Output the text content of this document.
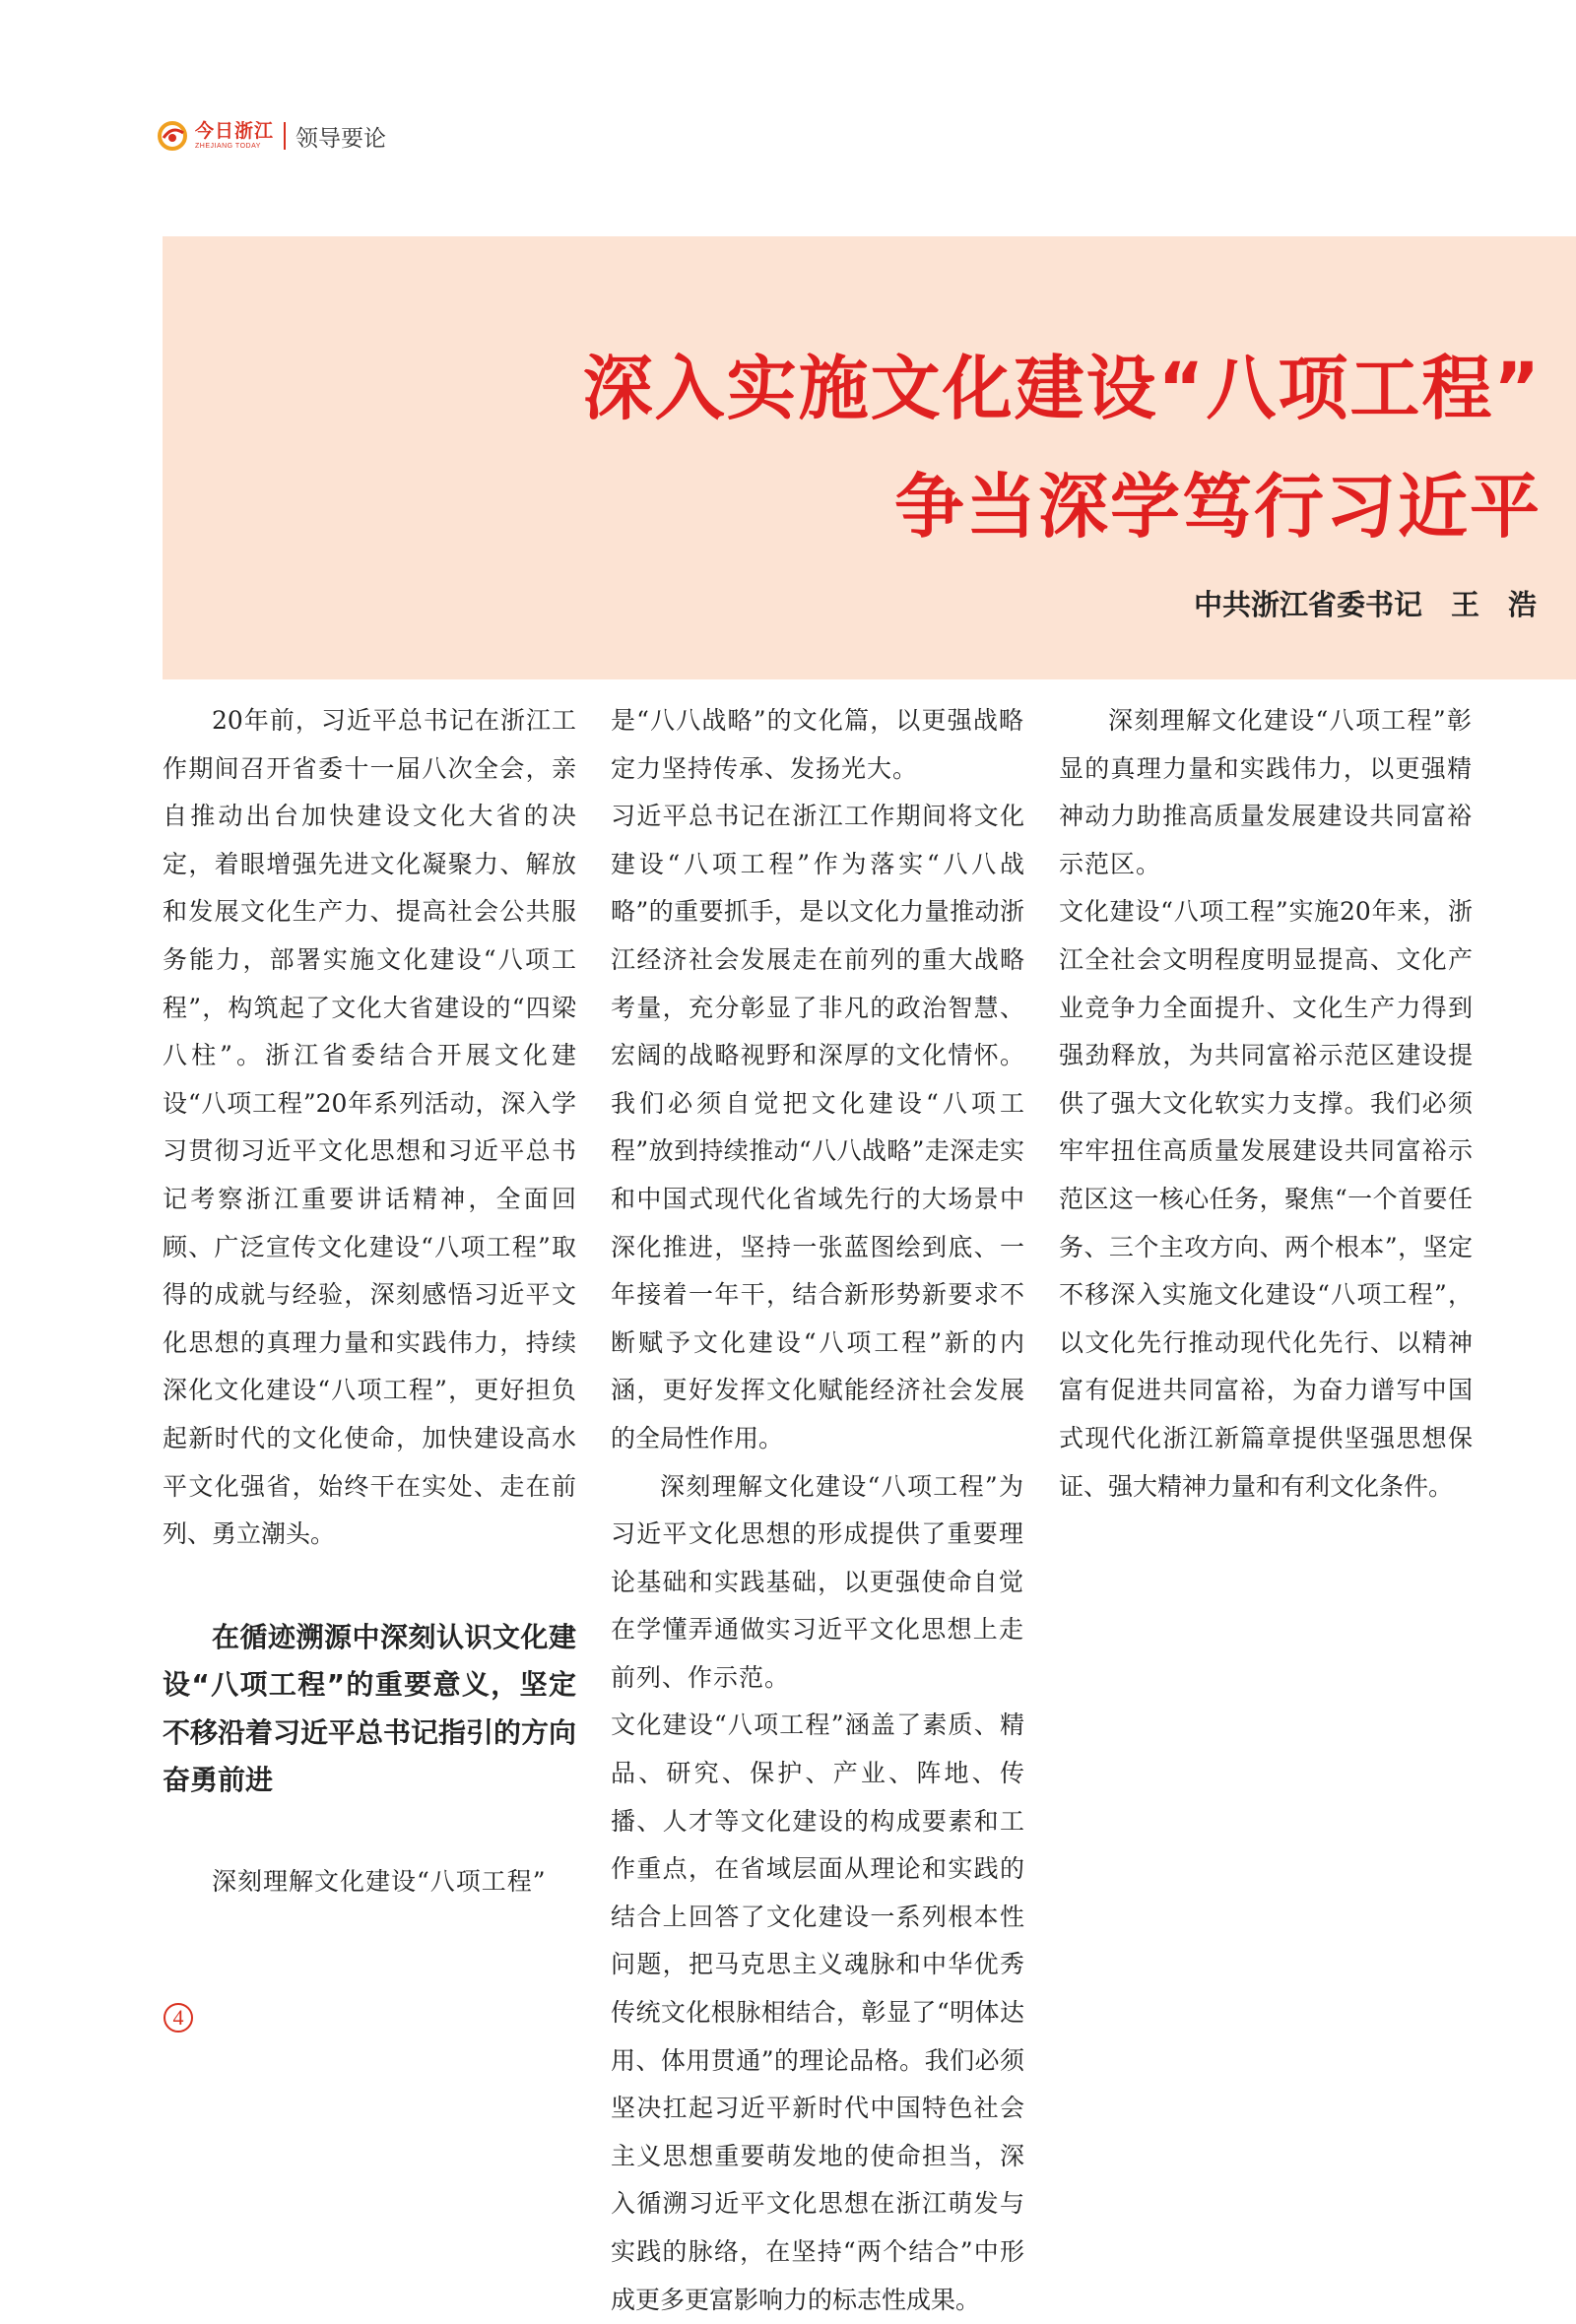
今日浙江
ZHEJIANG TODAY	领导要论
深入实施文化建设“八项工程”
争当深学笃行习近平
中共浙江省委书记　王　浩

20年前，习近平总书记在浙江工作期间召开省委十一届八次全会，亲自推动出台加快建设文化大省的决定，着眼增强先进文化凝聚力、解放和发展文化生产力、提高社会公共服务能力，部署实施文化建设“八项工程”，构筑起了文化大省建设的“四梁八柱”。浙江省委结合开展文化建设“八项工程”20年系列活动，深入学习贯彻习近平文化思想和习近平总书记考察浙江重要讲话精神，全面回顾、广泛宣传文化建设“八项工程”取得的成就与经验，深刻感悟习近平文化思想的真理力量和实践伟力，持续深化文化建设“八项工程”，更好担负起新时代的文化使命，加快建设高水平文化强省，始终干在实处、走在前列、勇立潮头。

在循迹溯源中深刻认识文化建设“八项工程”的重要意义，坚定不移沿着习近平总书记指引的方向奋勇前进

深刻理解文化建设“八项工程”

是“八八战略”的文化篇，以更强战略定力坚持传承、发扬光大。

习近平总书记在浙江工作期间将文化建设“八项工程”作为落实“八八战略”的重要抓手，是以文化力量推动浙江经济社会发展走在前列的重大战略考量，充分彰显了非凡的政治智慧、宏阔的战略视野和深厚的文化情怀。我们必须自觉把文化建设“八项工程”放到持续推动“八八战略”走深走实和中国式现代化省域先行的大场景中深化推进，坚持一张蓝图绘到底、一年接着一年干，结合新形势新要求不断赋予文化建设“八项工程”新的内涵，更好发挥文化赋能经济社会发展的全局性作用。

深刻理解文化建设“八项工程”为习近平文化思想的形成提供了重要理论基础和实践基础，以更强使命自觉在学懂弄通做实习近平文化思想上走前列、作示范。

文化建设“八项工程”涵盖了素质、精品、研究、保护、产业、阵地、传播、人才等文化建设的构成要素和工作重点，在省域层面从理论和实践的结合上回答了文化建设一系列根本性问题，把马克思主义魂脉和中华优秀传统文化根脉相结合，彰显了“明体达用、体用贯通”的理论品格。我们必须坚决扛起习近平新时代中国特色社会主义思想重要萌发地的使命担当，深入循溯习近平文化思想在浙江萌发与实践的脉络，在坚持“两个结合”中形成更多更富影响力的标志性成果。

深刻理解文化建设“八项工程”彰显的真理力量和实践伟力，以更强精神动力助推高质量发展建设共同富裕示范区。

文化建设“八项工程”实施20年来，浙江全社会文明程度明显提高、文化产业竞争力全面提升、文化生产力得到强劲释放，为共同富裕示范区建设提供了强大文化软实力支撑。我们必须牢牢扭住高质量发展建设共同富裕示范区这一核心任务，聚焦“一个首要任务、三个主攻方向、两个根本”，坚定不移深入实施文化建设“八项工程”，以文化先行推动现代化先行、以精神富有促进共同富裕，为奋力谱写中国式现代化浙江新篇章提供坚强思想保证、强大精神力量和有利文化条件。

4
